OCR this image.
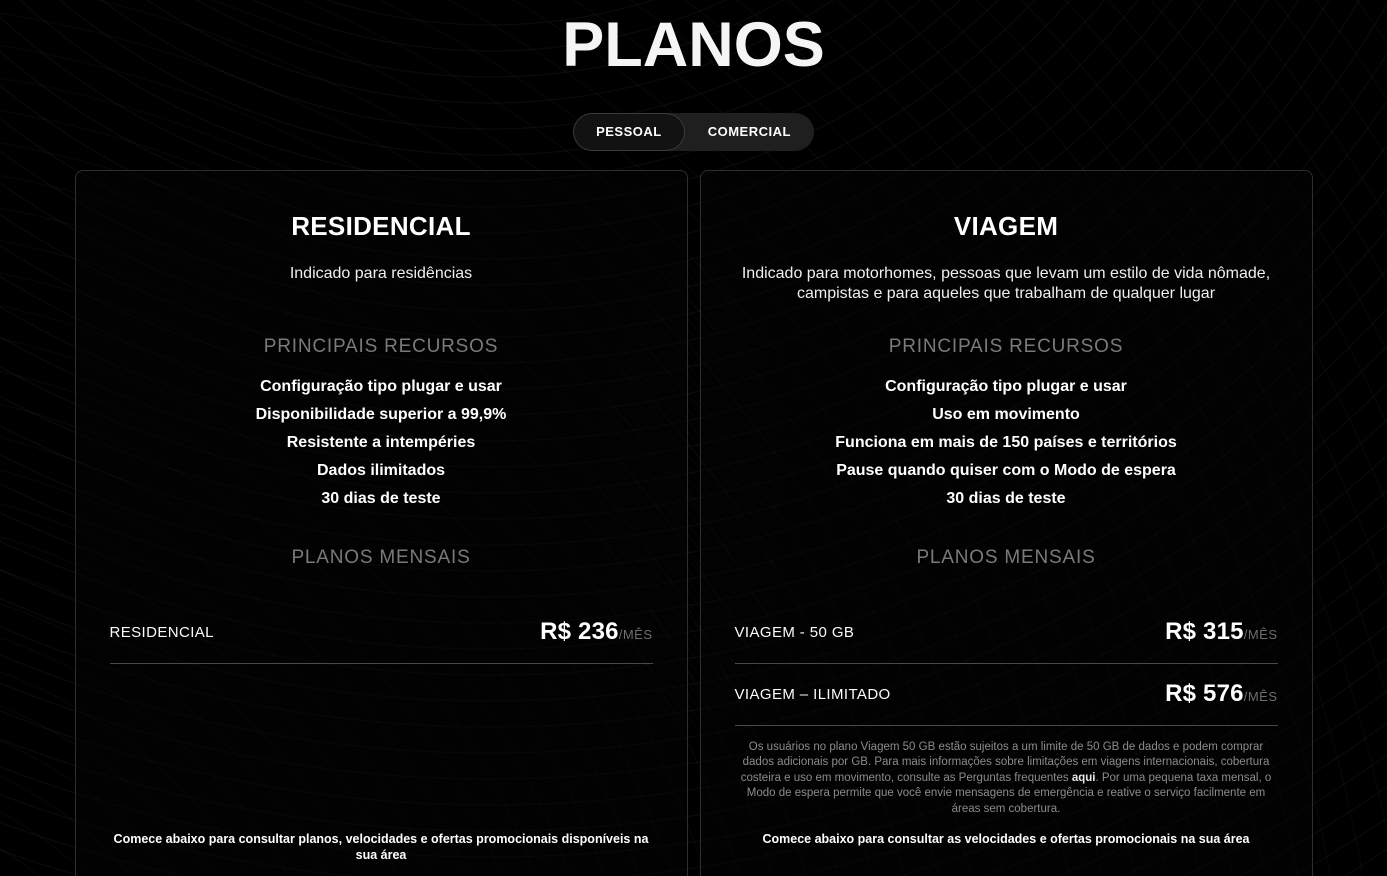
PLANOS
PESSOAL	COMERCIAL
RESIDENCIAL

Indicado para residências

PRINCIPAIS RECURSOS
Configuração tipo plugar e usar
Disponibilidade superior a 99,9%
Resistente a intempéries
Dados ilimitados
30 dias de teste
PLANOS MENSAIS
RESIDENCIAL	R$ 236 /MÊS

Comece abaixo para consultar planos, velocidades e ofertas promocionais disponíveis na sua área

VIAGEM

Indicado para motorhomes, pessoas que levam um estilo de vida nômade, campistas e para aqueles que trabalham de qualquer lugar

PRINCIPAIS RECURSOS
Configuração tipo plugar e usar
Uso em movimento
Funciona em mais de 150 países e territórios
Pause quando quiser com o Modo de espera
30 dias de teste
PLANOS MENSAIS
VIAGEM - 50 GB	R$ 315 /MÊS
VIAGEM – ILIMITADO	R$ 576 /MÊS

Os usuários no plano Viagem 50 GB estão sujeitos a um limite de 50 GB de dados e podem comprar dados adicionais por GB. Para mais informações sobre limitações em viagens internacionais, cobertura costeira e uso em movimento, consulte as Perguntas frequentes aqui. Por uma pequena taxa mensal, o Modo de espera permite que você envie mensagens de emergência e reative o serviço facilmente em áreas sem cobertura.

Comece abaixo para consultar as velocidades e ofertas promocionais na sua área
